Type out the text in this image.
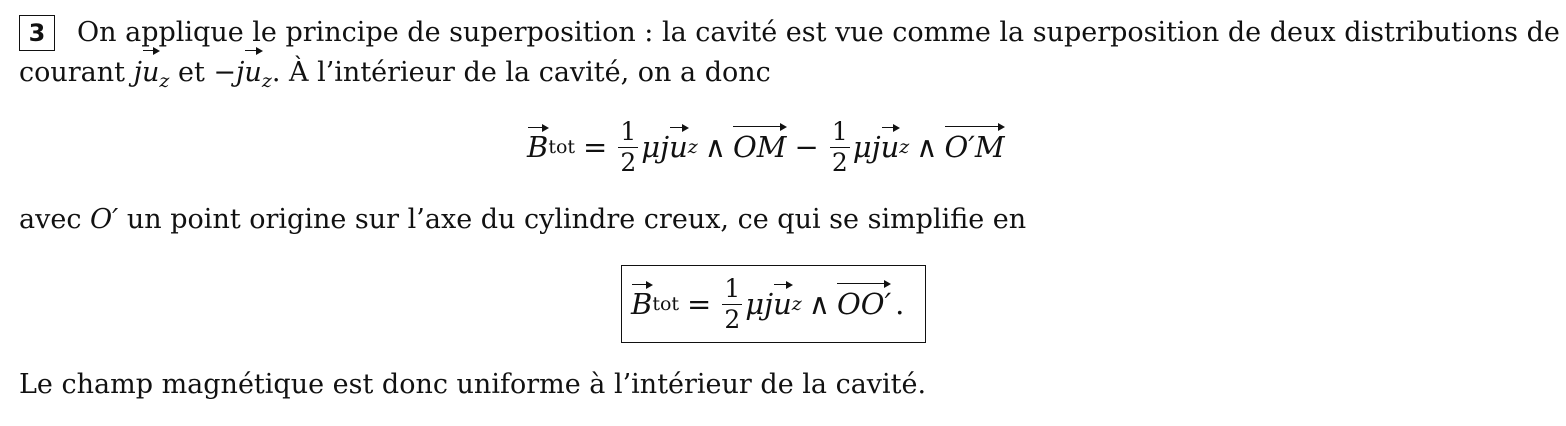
3	On applique le principe de superposition : la cavité est vue comme la superposition de deux distributions de
courant j
$u_z$ et −j
$u_z$. À l’intérieur de la cavité, on a donc
B tot = $\frac{1}{2}$ μj u z ∧ OM − $\frac{1}{2}$ μj u z ∧ O′M
avec O′ un point origine sur l’axe du cylindre creux, ce qui se simplifie en
B tot = $\frac{1}{2}$ μj u z ∧ OO′ .
Le champ magnétique est donc uniforme à l’intérieur de la cavité.
